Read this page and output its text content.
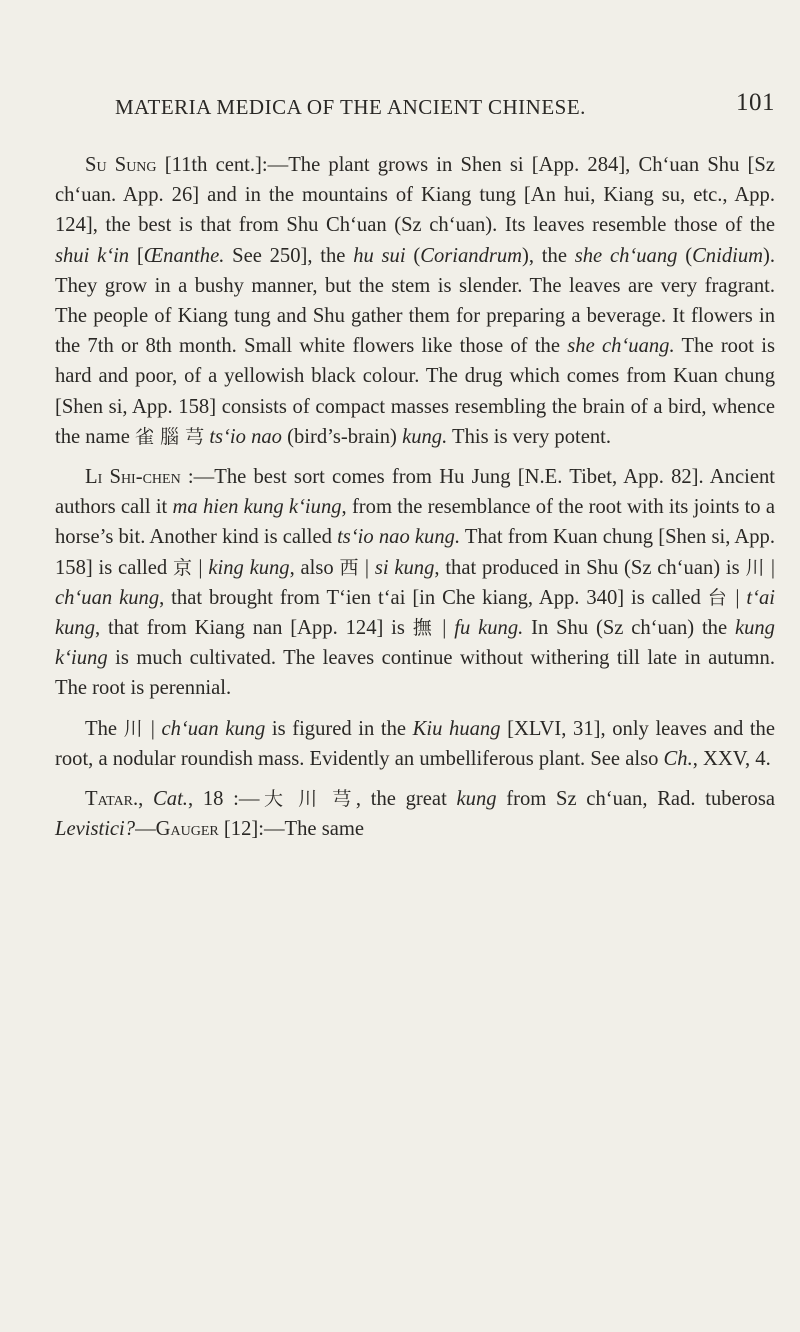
MATERIA MEDICA OF THE ANCIENT CHINESE.	101

Su Sung [11th cent.]:—The plant grows in Shen si [App. 284], Ch‘uan Shu [Sz ch‘uan. App. 26] and in the mountains of Kiang tung [An hui, Kiang su, etc., App. 124], the best is that from Shu Ch‘uan (Sz ch‘uan). Its leaves resemble those of the shui k‘in [Œnanthe. See 250], the hu sui (Coriandrum), the she ch‘uang (Cnidium). They grow in a bushy manner, but the stem is slender. The leaves are very fragrant. The people of Kiang tung and Shu gather them for preparing a beverage. It flowers in the 7th or 8th month. Small white flowers like those of the she ch‘uang. The root is hard and poor, of a yellowish black colour. The drug which comes from Kuan chung [Shen si, App. 158] consists of compact masses resembling the brain of a bird, whence the name 雀 腦 芎 ts‘io nao (bird’s-brain) kung. This is very potent.

Li Shi-chen :—The best sort comes from Hu Jung [N.E. Tibet, App. 82]. Ancient authors call it ma hien kung k‘iung, from the resemblance of the root with its joints to a horse’s bit. Another kind is called ts‘io nao kung. That from Kuan chung [Shen si, App. 158] is called 京 | king kung, also 西 | si kung, that produced in Shu (Sz ch‘uan) is 川 | ch‘uan kung, that brought from T‘ien t‘ai [in Che kiang, App. 340] is called 台 | t‘ai kung, that from Kiang nan [App. 124] is 撫 | fu kung. In Shu (Sz ch‘uan) the kung k‘iung is much cultivated. The leaves continue without withering till late in autumn. The root is perennial.

The 川 | ch‘uan kung is figured in the Kiu huang [XLVI, 31], only leaves and the root, a nodular roundish mass. Evidently an umbelliferous plant. See also Ch., XXV, 4.

Tatar., Cat., 18 :—大 川 芎, the great kung from Sz ch‘uan, Rad. tuberosa Levistici?—Gauger [12]:—The same
